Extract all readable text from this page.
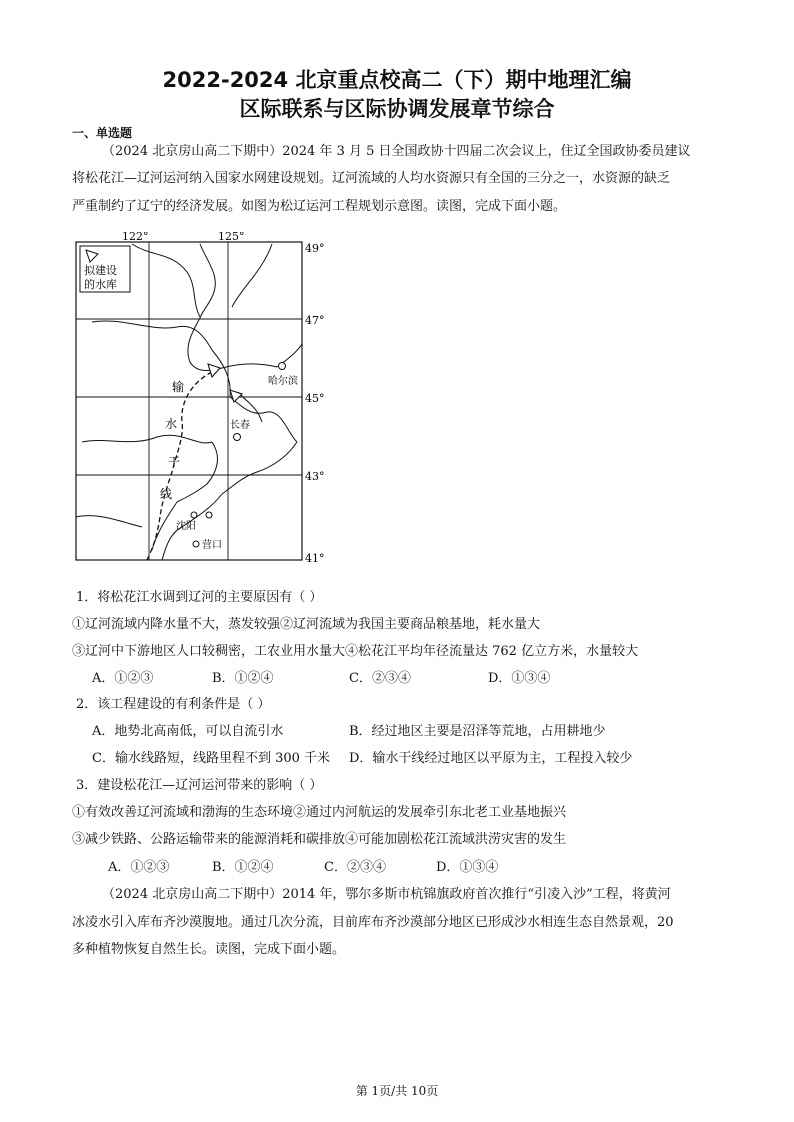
2022-2024 北京重点校高二（下）期中地理汇编
区际联系与区际协调发展章节综合
一、单选题
（2024 北京房山高二下期中）2024 年 3 月 5 日全国政协十四届二次会议上，住辽全国政协委员建议
将松花江—辽河运河纳入国家水网建设规划。辽河流域的人均水资源只有全国的三分之一，水资源的缺乏
严重制约了辽宁的经济发展。如图为松辽运河工程规划示意图。读图，完成下面小题。
拟建设
的水库
122°	125°
49°
47°
45°
43°
41°
哈尔滨
长春
沈阳
营口
输
水
干
线
1．将松花江水调到辽河的主要原因有（ ）
①辽河流域内降水量不大，蒸发较强②辽河流域为我国主要商品粮基地，耗水量大
③辽河中下游地区人口较稠密，工农业用水量大④松花江平均年径流量达 762 亿立方米，水量较大
A．①②③	B．①②④	C．②③④	D．①③④
2．该工程建设的有利条件是（ ）
A．地势北高南低，可以自流引水	B．经过地区主要是沼泽等荒地，占用耕地少
C．输水线路短，线路里程不到 300 千米 D．输水干线经过地区以平原为主，工程投入较少
3．建设松花江—辽河运河带来的影响（ ）
①有效改善辽河流域和渤海的生态环境②通过内河航运的发展牵引东北老工业基地振兴
③减少铁路、公路运输带来的能源消耗和碳排放④可能加剧松花江流域洪涝灾害的发生
A．①②③	B．①②④	C．②③④	D．①③④
（2024 北京房山高二下期中）2014 年，鄂尔多斯市杭锦旗政府首次推行“引凌入沙”工程，将黄河
冰凌水引入库布齐沙漠腹地。通过几次分流，目前库布齐沙漠部分地区已形成沙水相连生态自然景观，20
多种植物恢复自然生长。读图，完成下面小题。
第 1页/共 10页
